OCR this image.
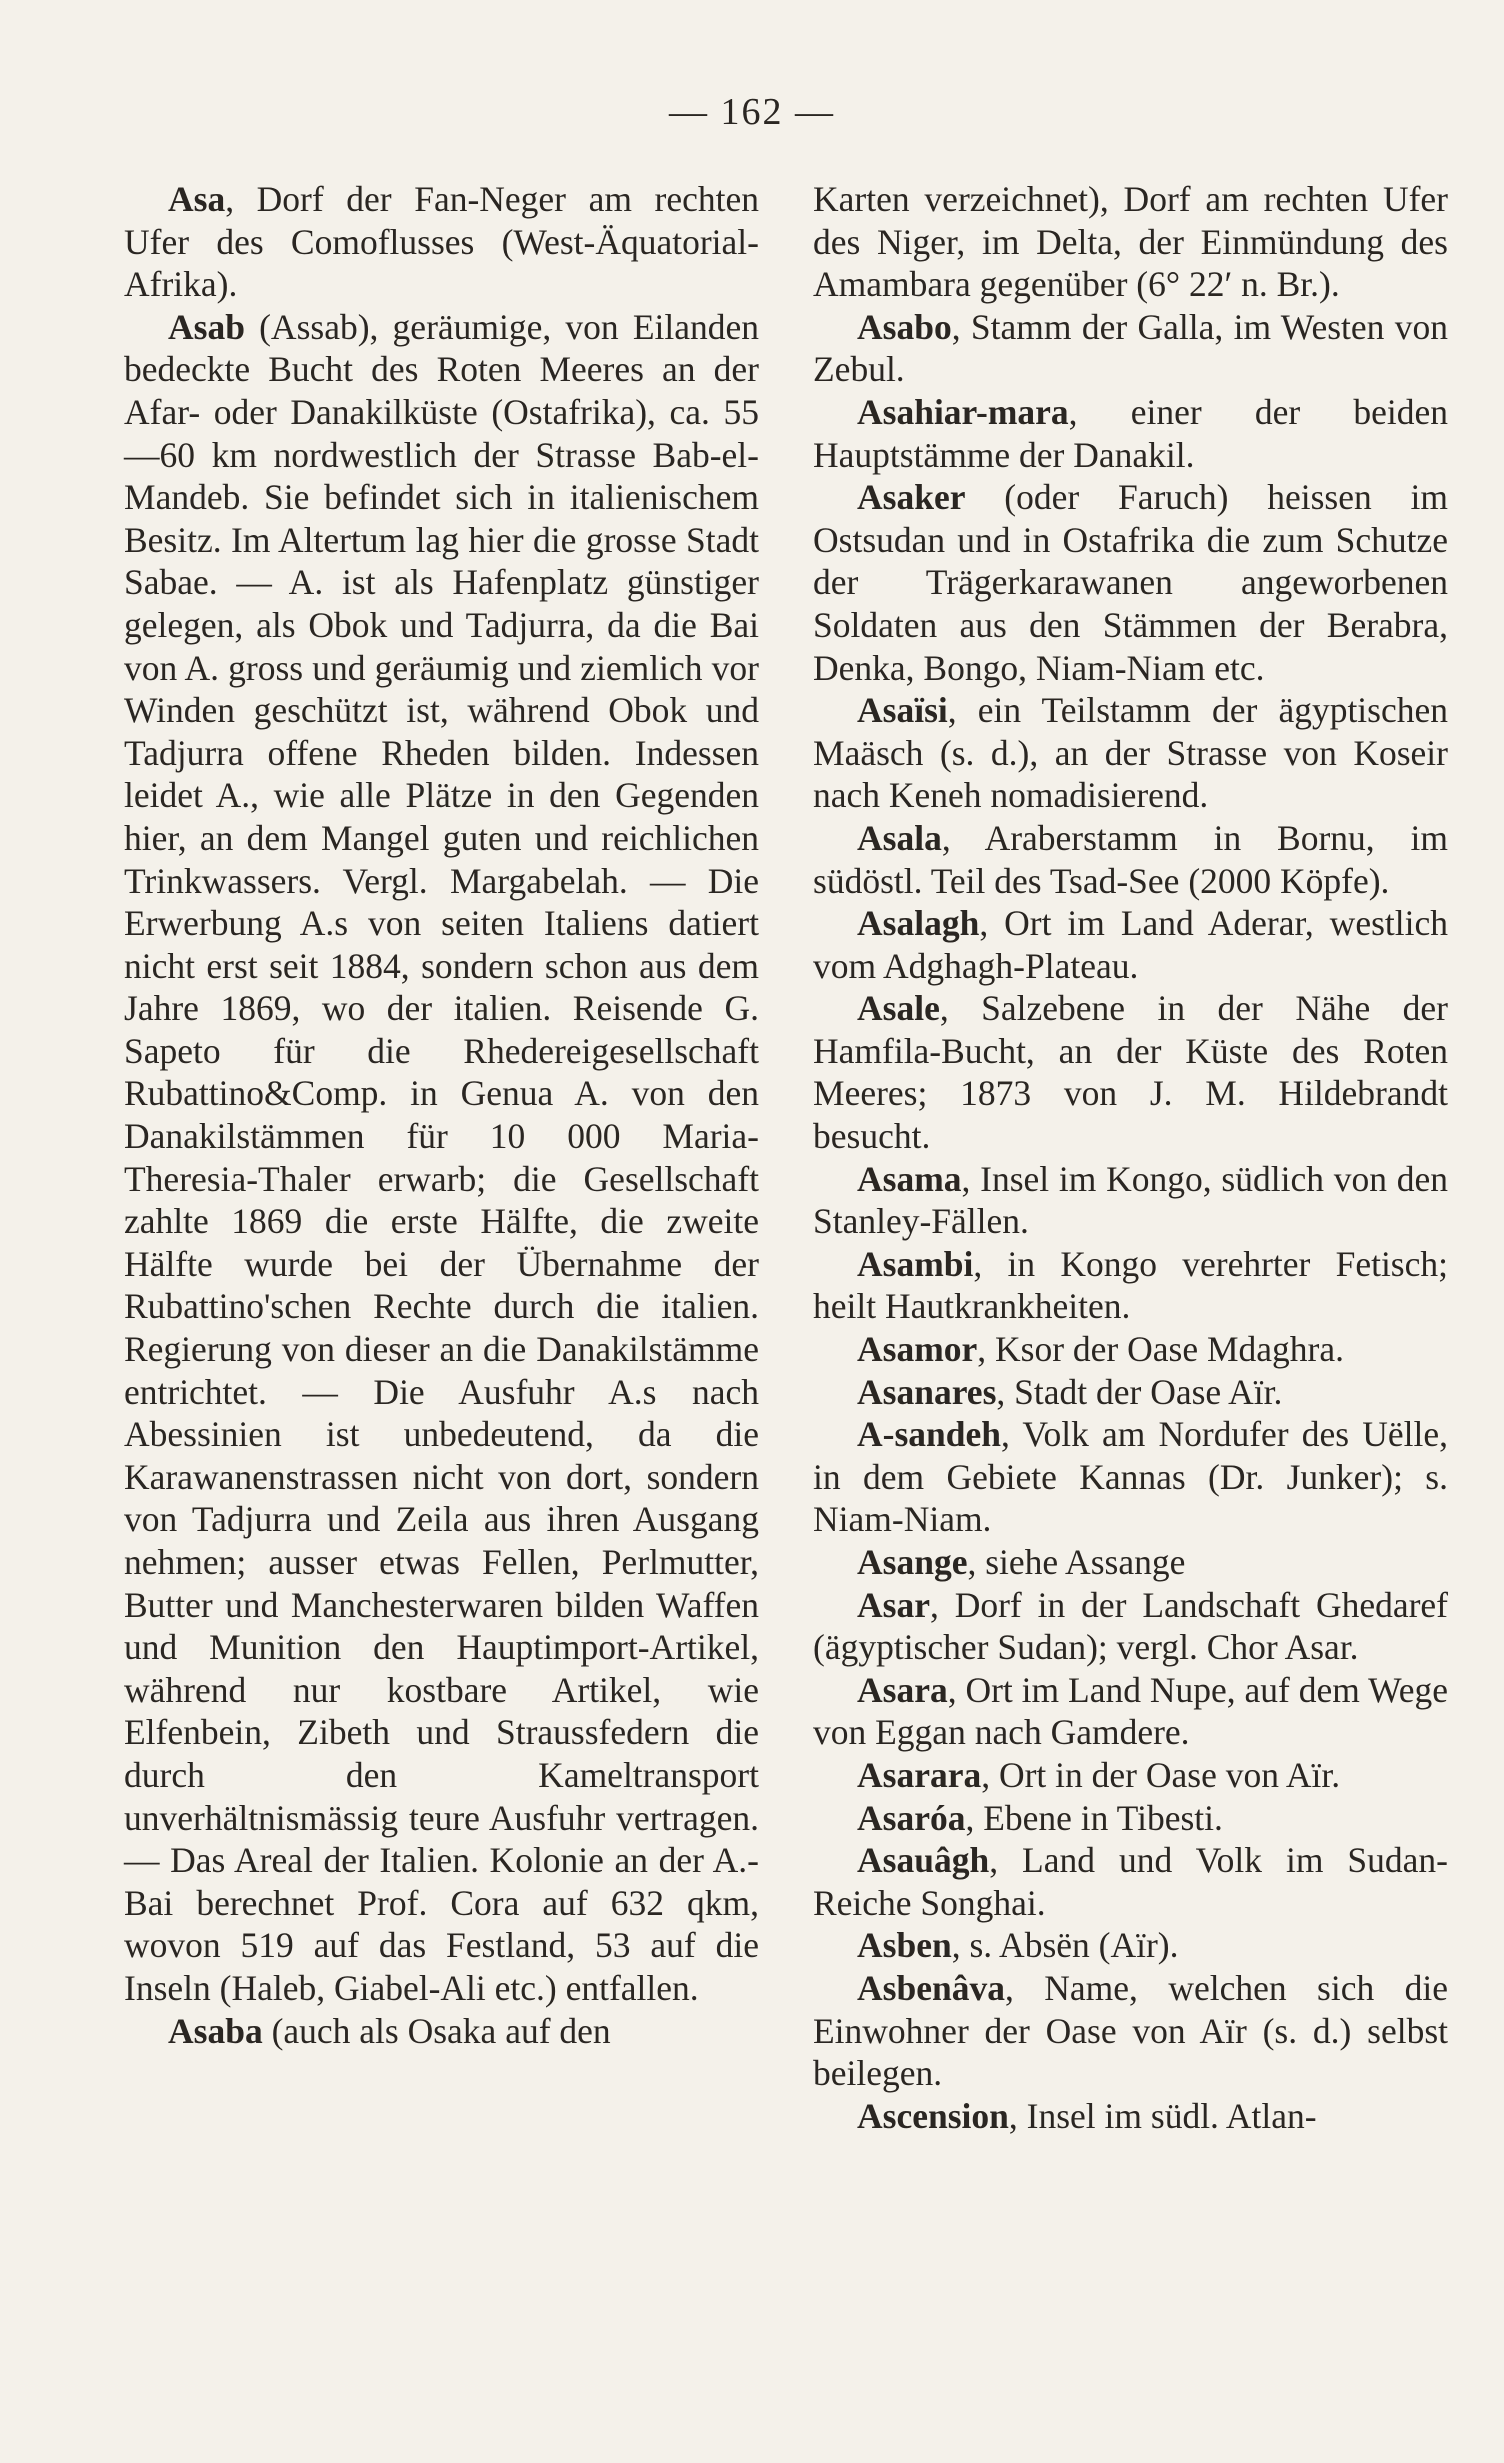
— 162 —

Asa, Dorf der Fan-Neger am rechten Ufer des Comoflusses (West-Äquatorial-Afrika).

Asab (Assab), geräumige, von Eilanden bedeckte Bucht des Roten Meeres an der Afar- oder Danakilküste (Ostafrika), ca. 55—60 km nordwestlich der Strasse Bab-el-Mandeb. Sie befindet sich in italienischem Besitz. Im Altertum lag hier die grosse Stadt Sabae. — A. ist als Hafenplatz günstiger gelegen, als Obok und Tadjurra, da die Bai von A. gross und geräumig und ziemlich vor Winden geschützt ist, während Obok und Tadjurra offene Rheden bilden. Indessen leidet A., wie alle Plätze in den Gegenden hier, an dem Mangel guten und reichlichen Trinkwassers. Vergl. Margabelah. — Die Erwerbung A.s von seiten Italiens datiert nicht erst seit 1884, sondern schon aus dem Jahre 1869, wo der italien. Reisende G. Sapeto für die Rhedereigesellschaft Rubattino&Comp. in Genua A. von den Danakilstämmen für 10 000 Maria-Theresia-Thaler erwarb; die Gesellschaft zahlte 1869 die erste Hälfte, die zweite Hälfte wurde bei der Übernahme der Rubattino'schen Rechte durch die italien. Regierung von dieser an die Danakilstämme entrichtet. — Die Ausfuhr A.s nach Abessinien ist unbedeutend, da die Karawanenstrassen nicht von dort, sondern von Tadjurra und Zeila aus ihren Ausgang nehmen; ausser etwas Fellen, Perlmutter, Butter und Manchesterwaren bilden Waffen und Munition den Hauptimport-Artikel, während nur kostbare Artikel, wie Elfenbein, Zibeth und Straussfedern die durch den Kameltransport unverhältnismässig teure Ausfuhr vertragen. — Das Areal der Italien. Kolonie an der A.-Bai berechnet Prof. Cora auf 632 qkm, wovon 519 auf das Festland, 53 auf die Inseln (Haleb, Giabel-Ali etc.) entfallen.

Asaba (auch als Osaka auf den

Karten verzeichnet), Dorf am rechten Ufer des Niger, im Delta, der Einmündung des Amambara gegenüber (6° 22′ n. Br.).

Asabo, Stamm der Galla, im Westen von Zebul.

Asahiar-mara, einer der beiden Hauptstämme der Danakil.

Asaker (oder Faruch) heissen im Ostsudan und in Ostafrika die zum Schutze der Trägerkarawanen angeworbenen Soldaten aus den Stämmen der Berabra, Denka, Bongo, Niam-Niam etc.

Asaïsi, ein Teilstamm der ägyptischen Maäsch (s. d.), an der Strasse von Koseir nach Keneh nomadisierend.

Asala, Araberstamm in Bornu, im südöstl. Teil des Tsad-See (2000 Köpfe).

Asalagh, Ort im Land Aderar, westlich vom Adghagh-Plateau.

Asale, Salzebene in der Nähe der Hamfila-Bucht, an der Küste des Roten Meeres; 1873 von J. M. Hildebrandt besucht.

Asama, Insel im Kongo, südlich von den Stanley-Fällen.

Asambi, in Kongo verehrter Fetisch; heilt Hautkrankheiten.

Asamor, Ksor der Oase Mdaghra.

Asanares, Stadt der Oase Aïr.

A-sandeh, Volk am Nordufer des Uëlle, in dem Gebiete Kannas (Dr. Junker); s. Niam-Niam.

Asange, siehe Assange

Asar, Dorf in der Landschaft Ghedaref (ägyptischer Sudan); vergl. Chor Asar.

Asara, Ort im Land Nupe, auf dem Wege von Eggan nach Gamdere.

Asarara, Ort in der Oase von Aïr.

Asaróa, Ebene in Tibesti.

Asauâgh, Land und Volk im Sudan-Reiche Songhai.

Asben, s. Absën (Aïr).

Asbenâva, Name, welchen sich die Einwohner der Oase von Aïr (s. d.) selbst beilegen.

Ascension, Insel im südl. Atlan-
